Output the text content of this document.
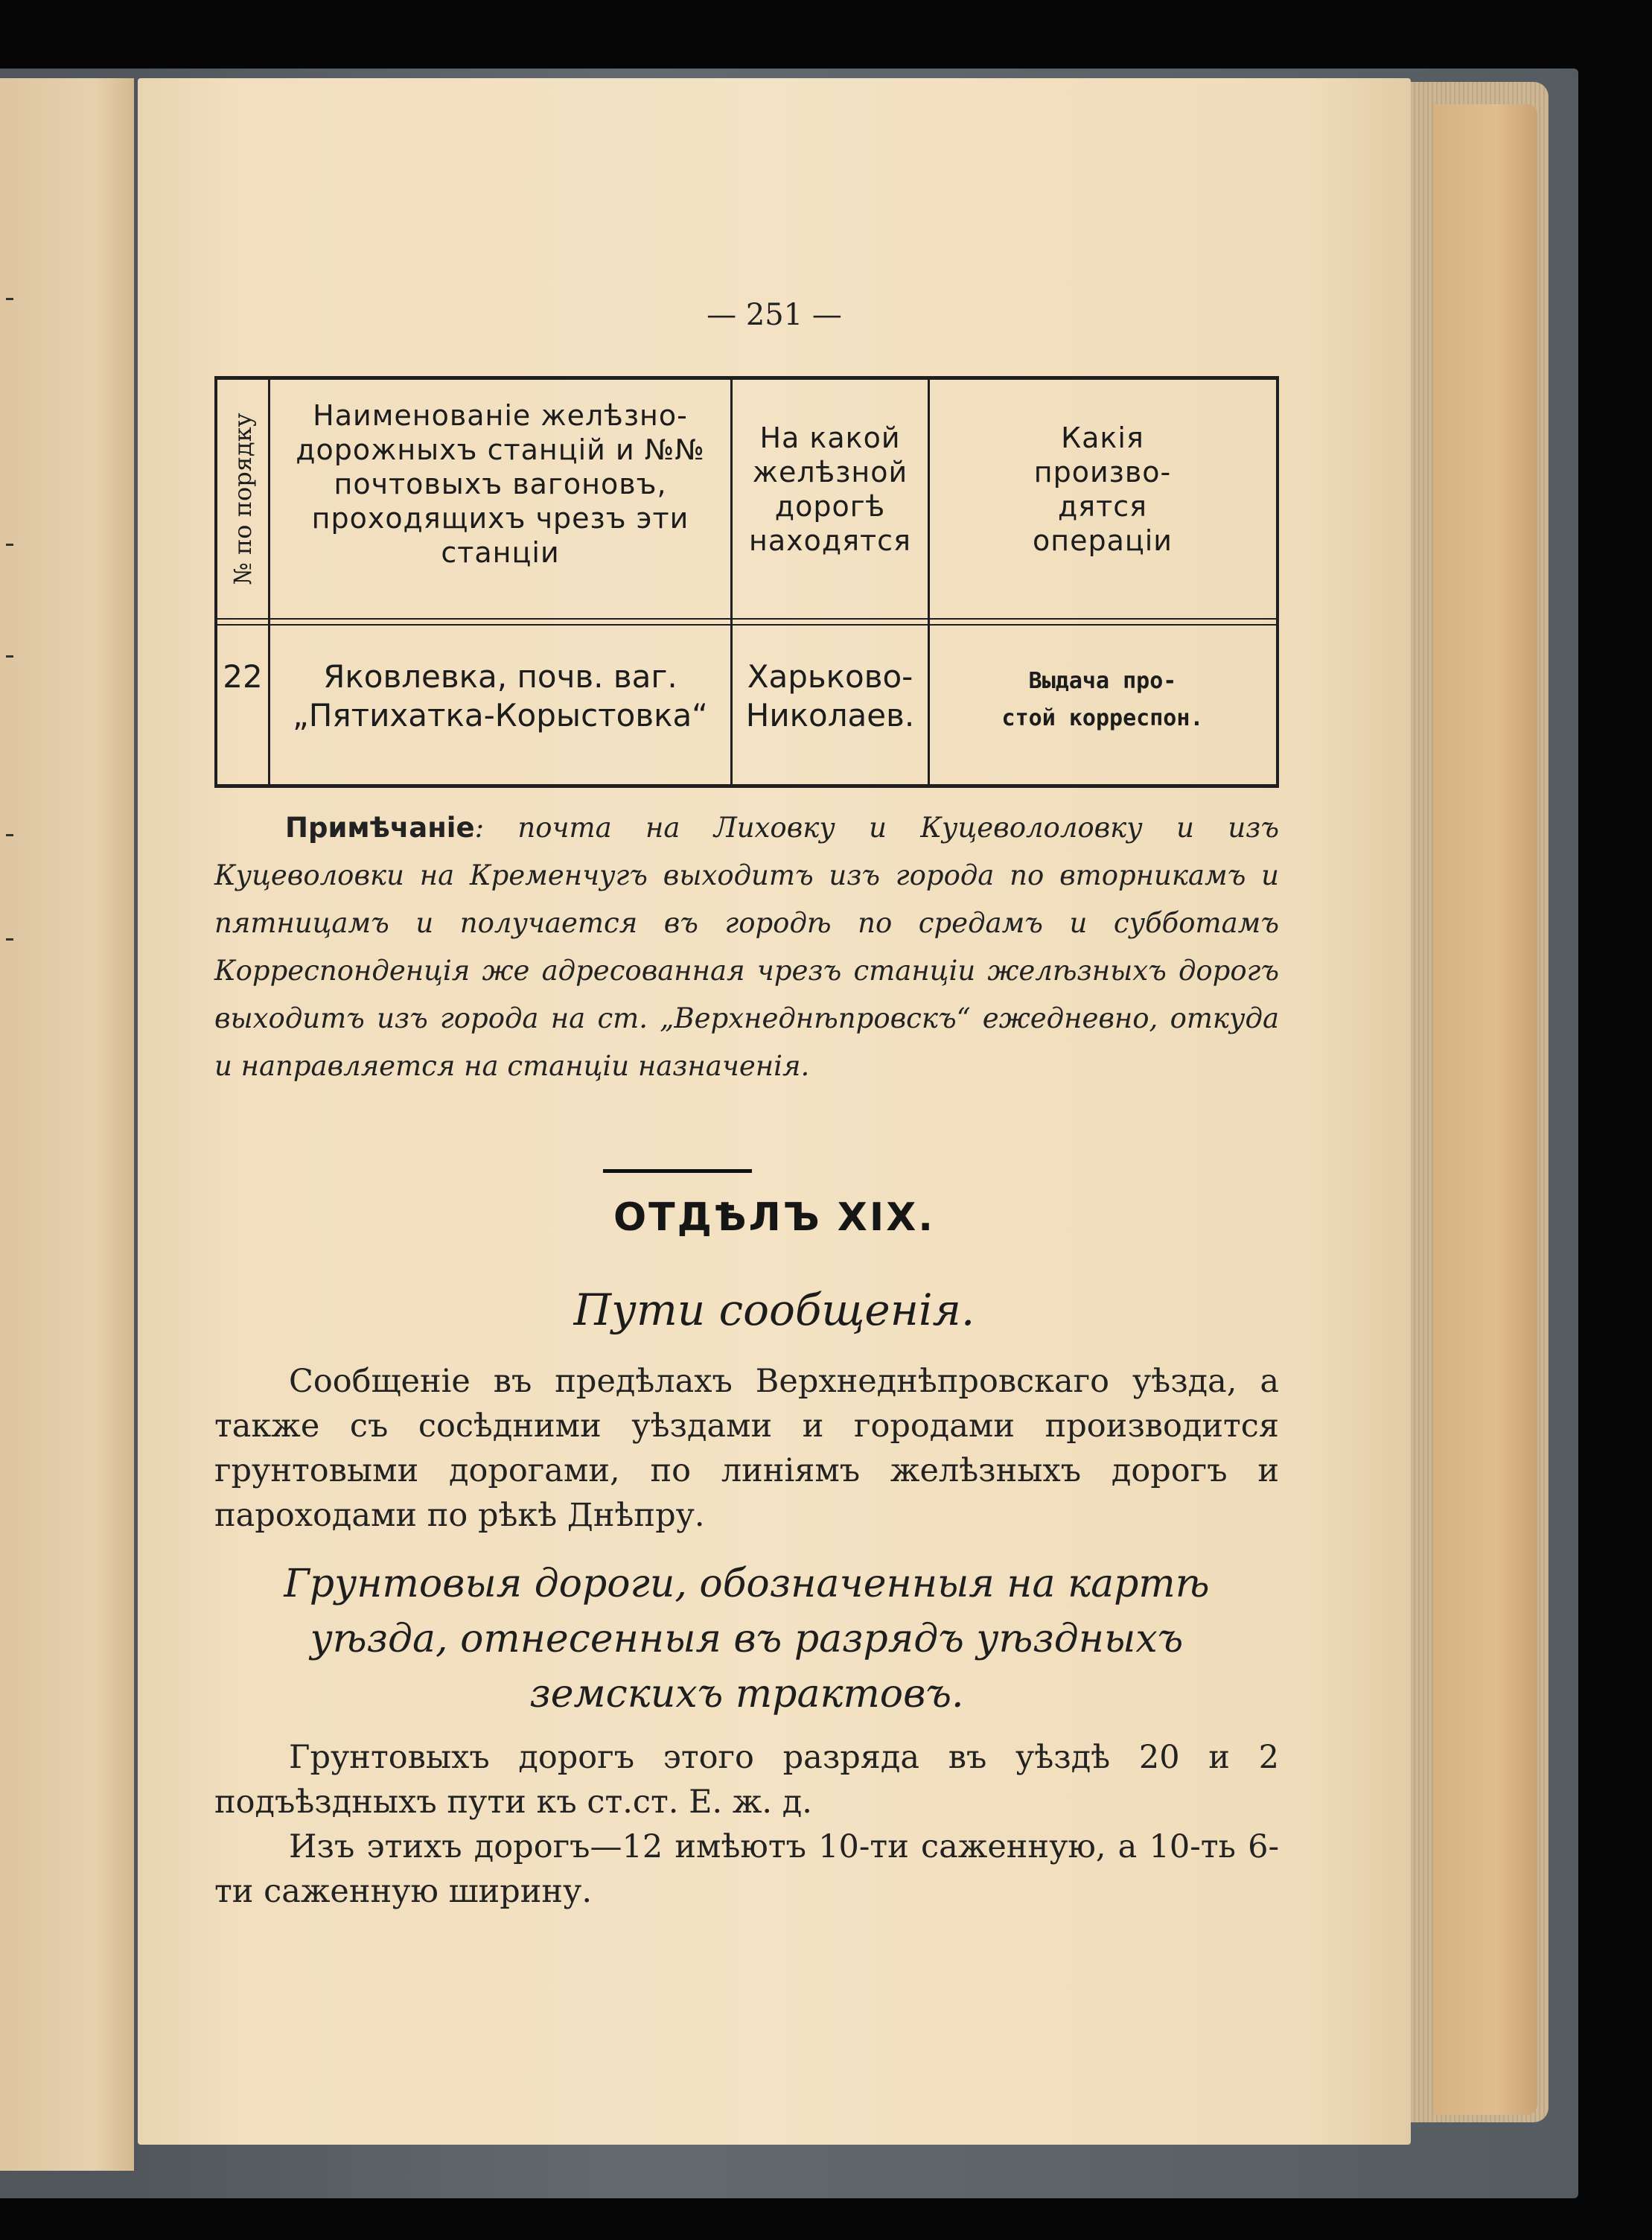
— 251 —
№ по порядку	Наименованіе желѣзно-
дорожныхъ станцій и №№
почтовыхъ вагоновъ,
проходящихъ чрезъ эти
станціи
На какой
желѣзной
дорогѣ
находятся
Какія
произво-
дятся
операціи
22	Яковлевка, почв. ваг.
„Пятихатка-Корыстовка“
Харьково-
Николаев.
Выдача про-
стой корреспон.
Примѣчаніе: почта на Лиховку и Куцевололовку и изъ Куцеволовки на Кременчугъ выходитъ изъ города по вторникамъ и пятницамъ и получается въ городѣ по средамъ и субботамъ Корреспонденція же адресованная чрезъ станціи желѣзныхъ дорогъ выходитъ изъ города на ст. „Верхнеднѣпровскъ“ ежедневно, откуда и направляется на станціи назначенія.
ОТДѢЛЪ XIX.
Пути сообщенія.
Сообщеніе въ предѣлахъ Верхнеднѣпровскаго уѣзда, а также съ сосѣдними уѣздами и городами производится грунтовыми дорогами, по линіямъ желѣзныхъ дорогъ и пароходами по рѣкѣ Днѣпру.
Грунтовыя дороги, обозначенныя на картѣ уѣзда, отнесенныя въ разрядъ уѣздныхъ земскихъ трактовъ.
Грунтовыхъ дорогъ этого разряда въ уѣздѣ 20 и 2 подъѣздныхъ пути къ ст.ст. Е. ж. д.
Изъ этихъ дорогъ—12 имѣютъ 10-ти саженную, а 10-ть 6-ти саженную ширину.
